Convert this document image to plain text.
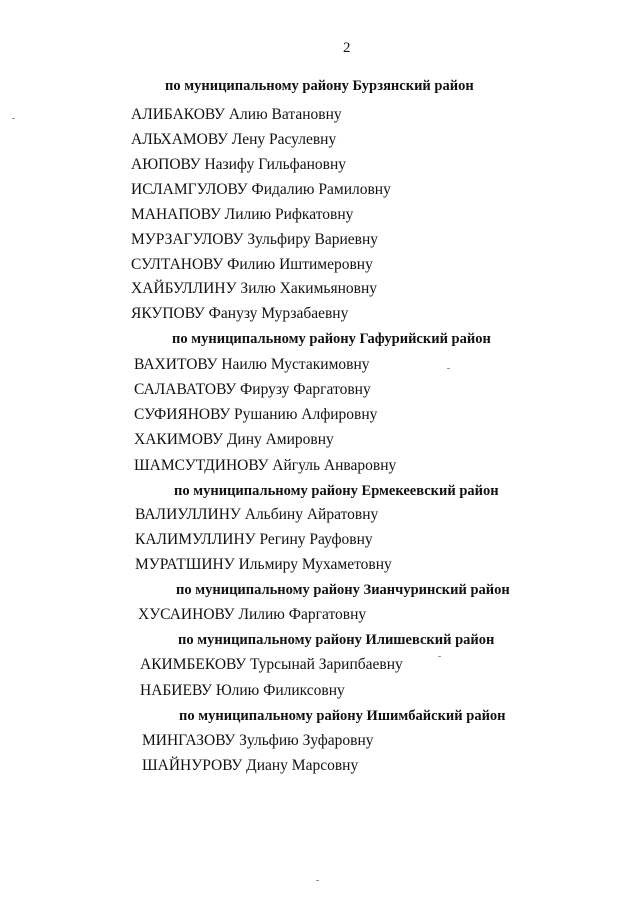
2
по муниципальному району Бурзянский район
АЛИБАКОВУ Алию Ватановну
АЛЬХАМОВУ Лену Расулевну
АЮПОВУ Назифу Гильфановну
ИСЛАМГУЛОВУ Фидалию Рамиловну
МАНАПОВУ Лилию Рифкатовну
МУРЗАГУЛОВУ Зульфиру Вариевну
СУЛТАНОВУ Филию Иштимеровну
ХАЙБУЛЛИНУ Зилю Хакимьяновну
ЯКУПОВУ Фанузу Мурзабаевну
по муниципальному району Гафурийский район
ВАХИТОВУ Наилю Мустакимовну
САЛАВАТОВУ Фирузу Фаргатовну
СУФИЯНОВУ Рушанию Алфировну
ХАКИМОВУ Дину Амировну
ШАМСУТДИНОВУ Айгуль Анваровну
по муниципальному району Ермекеевский район
ВАЛИУЛЛИНУ Альбину Айратовну
КАЛИМУЛЛИНУ Регину Рауфовну
МУРАТШИНУ Ильмиру Мухаметовну
по муниципальному району Зианчуринский район
ХУСАИНОВУ Лилию Фаргатовну
по муниципальному району Илишевский район
АКИМБЕКОВУ Турсынай Зарипбаевну
НАБИЕВУ Юлию Филиксовну
по муниципальному району Ишимбайский район
МИНГАЗОВУ Зульфию Зуфаровну
ШАЙНУРОВУ Диану Марсовну
